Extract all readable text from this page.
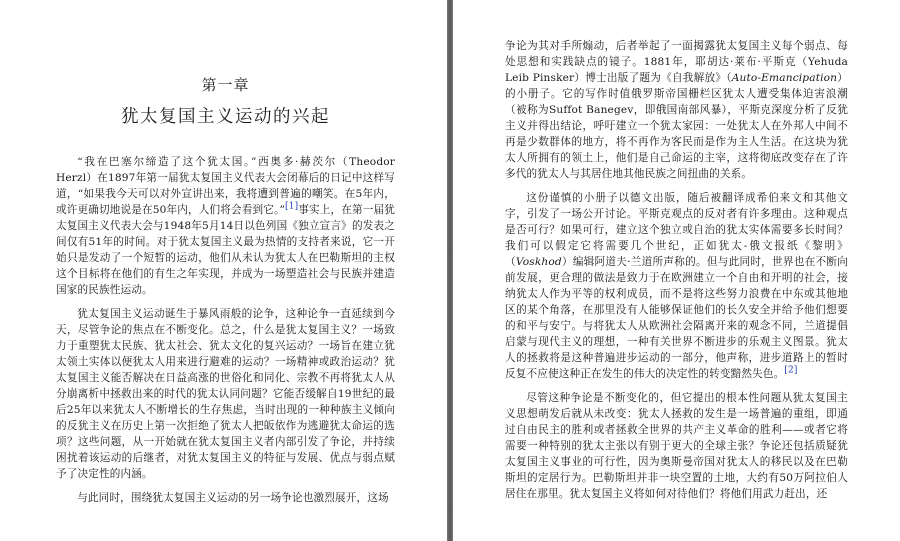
第一章
犹太复国主义运动的兴起

“我在巴塞尔缔造了这个犹太国。”西奥多·赫茨尔（Theodor Herzl）在1897年第一届犹太复国主义代表大会闭幕后的日记中这样写道，“如果我今天可以对外宣讲出来，我将遭到普遍的嘲笑。在5年内，或许更确切地说是在50年内，人们将会看到它。”[1]事实上，在第一届犹太复国主义代表大会与1948年5月14日以色列国《独立宣言》的发表之间仅有51年的时间。对于犹太复国主义最为热情的支持者来说，它一开始只是发动了一个短暂的运动，他们从未认为犹太人在巴勒斯坦的主权这个目标将在他们的有生之年实现，并成为一场塑造社会与民族并建造国家的民族性运动。

犹太复国主义运动诞生于暴风雨般的论争，这种论争一直延续到今天，尽管争论的焦点在不断变化。总之，什么是犹太复国主义？一场致力于重塑犹太民族、犹太社会、犹太文化的复兴运动？一场旨在建立犹太领土实体以便犹太人用来进行避难的运动？一场精神或政治运动？犹太复国主义能否解决在日益高涨的世俗化和同化、宗教不再将犹太人从分崩离析中拯救出来的时代的犹太认同问题？它能否缓解自19世纪的最后25年以来犹太人不断增长的生存焦虑，当时出现的一种种族主义倾向的反犹主义在历史上第一次拒绝了犹太人把皈依作为逃避犹太命运的选项？这些问题，从一开始就在犹太复国主义者内部引发了争论，并持续困扰着该运动的后继者，对犹太复国主义的特征与发展、优点与弱点赋予了决定性的内涵。

与此同时，围绕犹太复国主义运动的另一场争论也激烈展开，这场

争论为其对手所煽动，后者举起了一面揭露犹太复国主义每个弱点、每处思想和实践缺点的镜子。1881年，耶胡达·莱布·平斯克（Yehuda Leib Pinsker）博士出版了题为《自我解放》（Auto-Emancipation）的小册子。它的写作时值俄罗斯帝国栅栏区犹太人遭受集体迫害浪潮（被称为Suffot Banegev，即俄国南部风暴），平斯克深度分析了反犹主义并得出结论，呼吁建立一个犹太家园：一处犹太人在外邦人中间不再是少数群体的地方，将不再作为客民而是作为主人生活。在这块为犹太人所拥有的领土上，他们是自己命运的主宰，这将彻底改变存在了许多代的犹太人与其居住地其他民族之间扭曲的关系。

这份谨慎的小册子以德文出版，随后被翻译成希伯来文和其他文字，引发了一场公开讨论。平斯克观点的反对者有许多理由。这种观点是否可行？如果可行，建立这个独立或自治的犹太实体需要多长时间？我们可以假定它将需要几个世纪，正如犹太-俄文报纸《黎明》（Voskhod）编辑阿道夫·兰道所声称的。但与此同时，世界也在不断向前发展，更合理的做法是致力于在欧洲建立一个自由和开明的社会，接纳犹太人作为平等的权利成员，而不是将这些努力浪费在中东或其他地区的某个角落，在那里没有人能够保证他们的长久安全并给予他们想要的和平与安宁。与将犹太人从欧洲社会隔离开来的观念不同，兰道提倡启蒙与现代主义的理想，一种有关世界不断进步的乐观主义图景。犹太人的拯救将是这种普遍进步运动的一部分，他声称，进步道路上的暂时反复不应使这种正在发生的伟大的决定性的转变黯然失色。[2]

尽管这种争论是不断变化的，但它提出的根本性问题从犹太复国主义思想萌发后就从未改变：犹太人拯救的发生是一场普遍的重组，即通过自由民主的胜利或者拯救全世界的共产主义革命的胜利——或者它将需要一种特别的犹太主张以有别于更大的全球主张？争论还包括质疑犹太复国主义事业的可行性，因为奥斯曼帝国对犹太人的移民以及在巴勒斯坦的定居行为。巴勒斯坦并非一块空置的土地，大约有50万阿拉伯人居住在那里。犹太复国主义将如何对待他们？将他们用武力赶出，还
